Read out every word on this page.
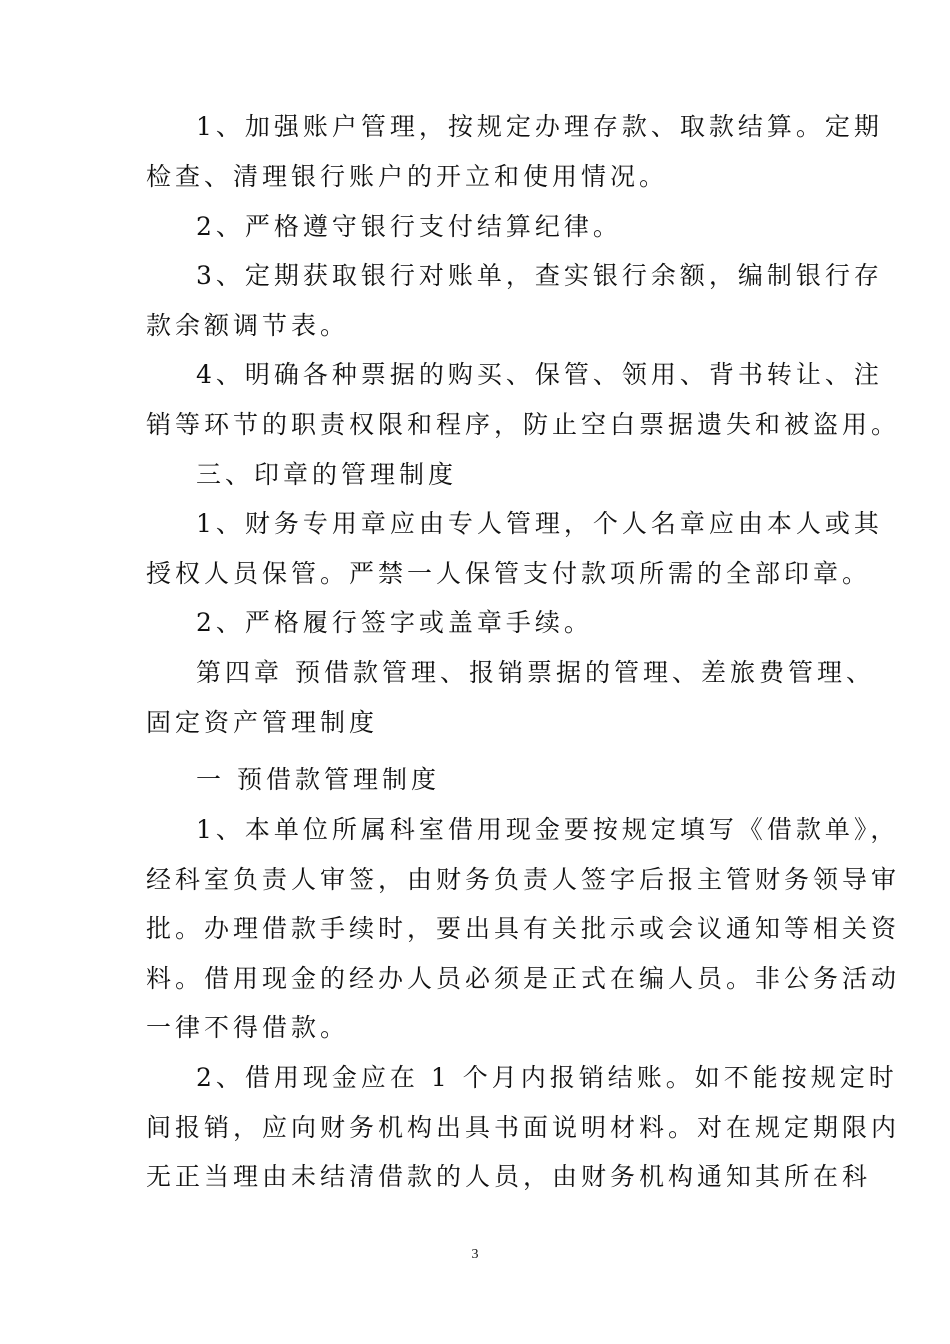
1、加强账户管理，按规定办理存款、取款结算。定期
检查、清理银行账户的开立和使用情况。
2、严格遵守银行支付结算纪律。
3、定期获取银行对账单，查实银行余额，编制银行存
款余额调节表。
4、明确各种票据的购买、保管、领用、背书转让、注
销等环节的职责权限和程序，防止空白票据遗失和被盗用。
三、印章的管理制度
1、财务专用章应由专人管理，个人名章应由本人或其
授权人员保管。严禁一人保管支付款项所需的全部印章。
2、严格履行签字或盖章手续。
第四章 预借款管理、报销票据的管理、差旅费管理、
固定资产管理制度
一 预借款管理制度
1、本单位所属科室借用现金要按规定填写《借款单》，
经科室负责人审签，由财务负责人签字后报主管财务领导审
批。办理借款手续时，要出具有关批示或会议通知等相关资
料。借用现金的经办人员必须是正式在编人员。非公务活动
一律不得借款。
2、借用现金应在 1 个月内报销结账。如不能按规定时
间报销，应向财务机构出具书面说明材料。对在规定期限内
无正当理由未结清借款的人员，由财务机构通知其所在科
3
